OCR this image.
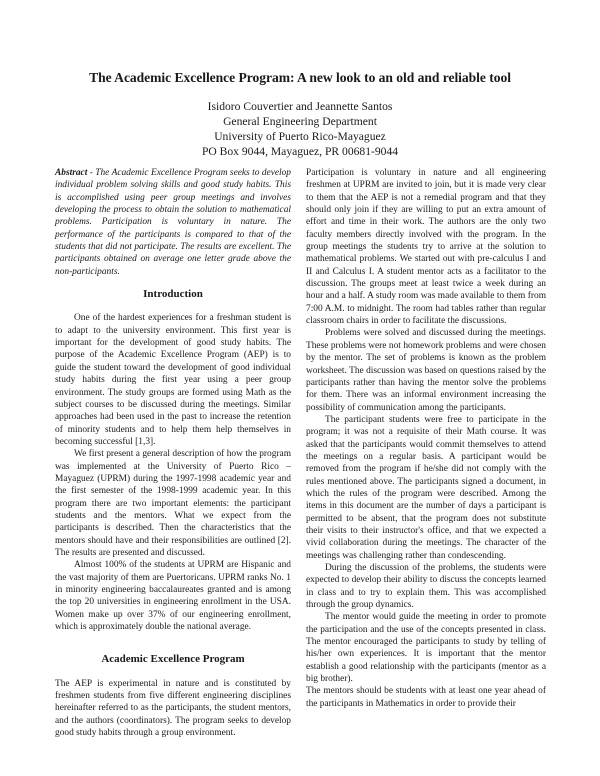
The Academic Excellence Program: A new look to an old and reliable tool
Isidoro Couvertier and Jeannette Santos
General Engineering Department
University of Puerto Rico-Mayaguez
PO Box 9044, Mayaguez, PR 00681-9044

Abstract - The Academic Excellence Program seeks to develop individual problem solving skills and good study habits. This is accomplished using peer group meetings and involves developing the process to obtain the solution to mathematical problems. Participation is voluntary in nature. The performance of the participants is compared to that of the students that did not participate. The results are excellent. The participants obtained on average one letter grade above the non-participants.

Introduction

One of the hardest experiences for a freshman student is to adapt to the university environment. This first year is important for the development of good study habits. The purpose of the Academic Excellence Program (AEP) is to guide the student toward the development of good individual study habits during the first year using a peer group environment. The study groups are formed using Math as the subject courses to be discussed during the meetings. Similar approaches had been used in the past to increase the retention of minority students and to help them help themselves in becoming successful [1,3].

We first present a general description of how the program was implemented at the University of Puerto Rico – Mayaguez (UPRM) during the 1997-1998 academic year and the first semester of the 1998-1999 academic year. In this program there are two important elements: the participant students and the mentors. What we expect from the participants is described. Then the characteristics that the mentors should have and their responsibilities are outlined [2]. The results are presented and discussed.

Almost 100% of the students at UPRM are Hispanic and the vast majority of them are Puertoricans. UPRM ranks No. 1 in minority engineering baccalaureates granted and is among the top 20 universities in engineering enrollment in the USA. Women make up over 37% of our engineering enrollment, which is approximately double the national average.

Academic Excellence Program

The AEP is experimental in nature and is constituted by freshmen students from five different engineering disciplines hereinafter referred to as the participants, the student mentors, and the authors (coordinators). The program seeks to develop good study habits through a group environment.

Participation is voluntary in nature and all engineering freshmen at UPRM are invited to join, but it is made very clear to them that the AEP is not a remedial program and that they should only join if they are willing to put an extra amount of effort and time in their work. The authors are the only two faculty members directly involved with the program. In the group meetings the students try to arrive at the solution to mathematical problems. We started out with pre-calculus I and II and Calculus I. A student mentor acts as a facilitator to the discussion. The groups meet at least twice a week during an hour and a half. A study room was made available to them from 7:00 A.M. to midnight. The room had tables rather than regular classroom chairs in order to facilitate the discussions.

Problems were solved and discussed during the meetings. These problems were not homework problems and were chosen by the mentor. The set of problems is known as the problem worksheet. The discussion was based on questions raised by the participants rather than having the mentor solve the problems for them. There was an informal environment increasing the possibility of communication among the participants.

The participant students were free to participate in the program; it was not a requisite of their Math course. It was asked that the participants would commit themselves to attend the meetings on a regular basis. A participant would be removed from the program if he/she did not comply with the rules mentioned above. The participants signed a document, in which the rules of the program were described. Among the items in this document are the number of days a participant is permitted to be absent, that the program does not substitute their visits to their instructor's office, and that we expected a vivid collaboration during the meetings. The character of the meetings was challenging rather than condescending.

During the discussion of the problems, the students were expected to develop their ability to discuss the concepts learned in class and to try to explain them. This was accomplished through the group dynamics.

The mentor would guide the meeting in order to promote the participation and the use of the concepts presented in class. The mentor encouraged the participants to study by telling of his/her own experiences. It is important that the mentor establish a good relationship with the participants (mentor as a big brother).

The mentors should be students with at least one year ahead of the participants in Mathematics in order to provide their
